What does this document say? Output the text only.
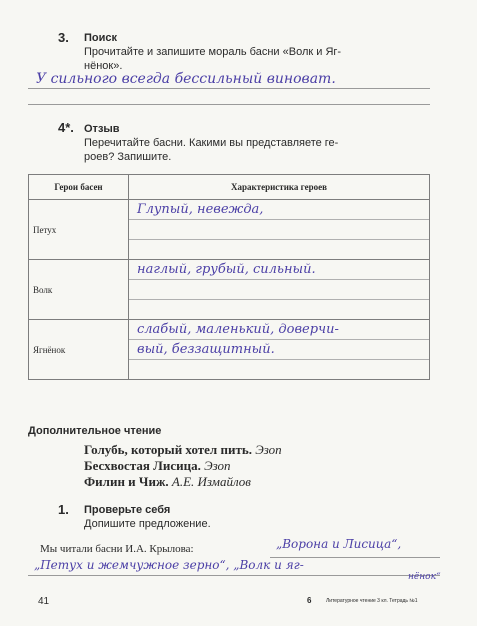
3. Поиск
Прочитайте и запишите мораль басни «Волк и Яг-
нёнок».
У сильного всегда бессильный виноват.
4*. Отзыв
Перечитайте басни. Какими вы представляете ге-
роев? Запишите.
Герои басен	Характеристика героев
Петух	Глупый, невежда,

Волк	наглый, грубый, сильный.

Ягнёнок	слабый, маленький, доверчи-
вый, беззащитный.
Дополнительное чтение
Голубь, который хотел пить. Эзоп
Бесхвостая Лисица. Эзоп
Филин и Чиж. А.Е. Измайлов
1. Проверьте себя
Допишите предложение.
Мы читали басни И.А. Крылова:	„Ворона и Лисица“,
„Петух и жемчужное зерно“, „Волк и яг-
нёнок“
41	6	Литературное чтение 3 кл. Тетрадь №1
